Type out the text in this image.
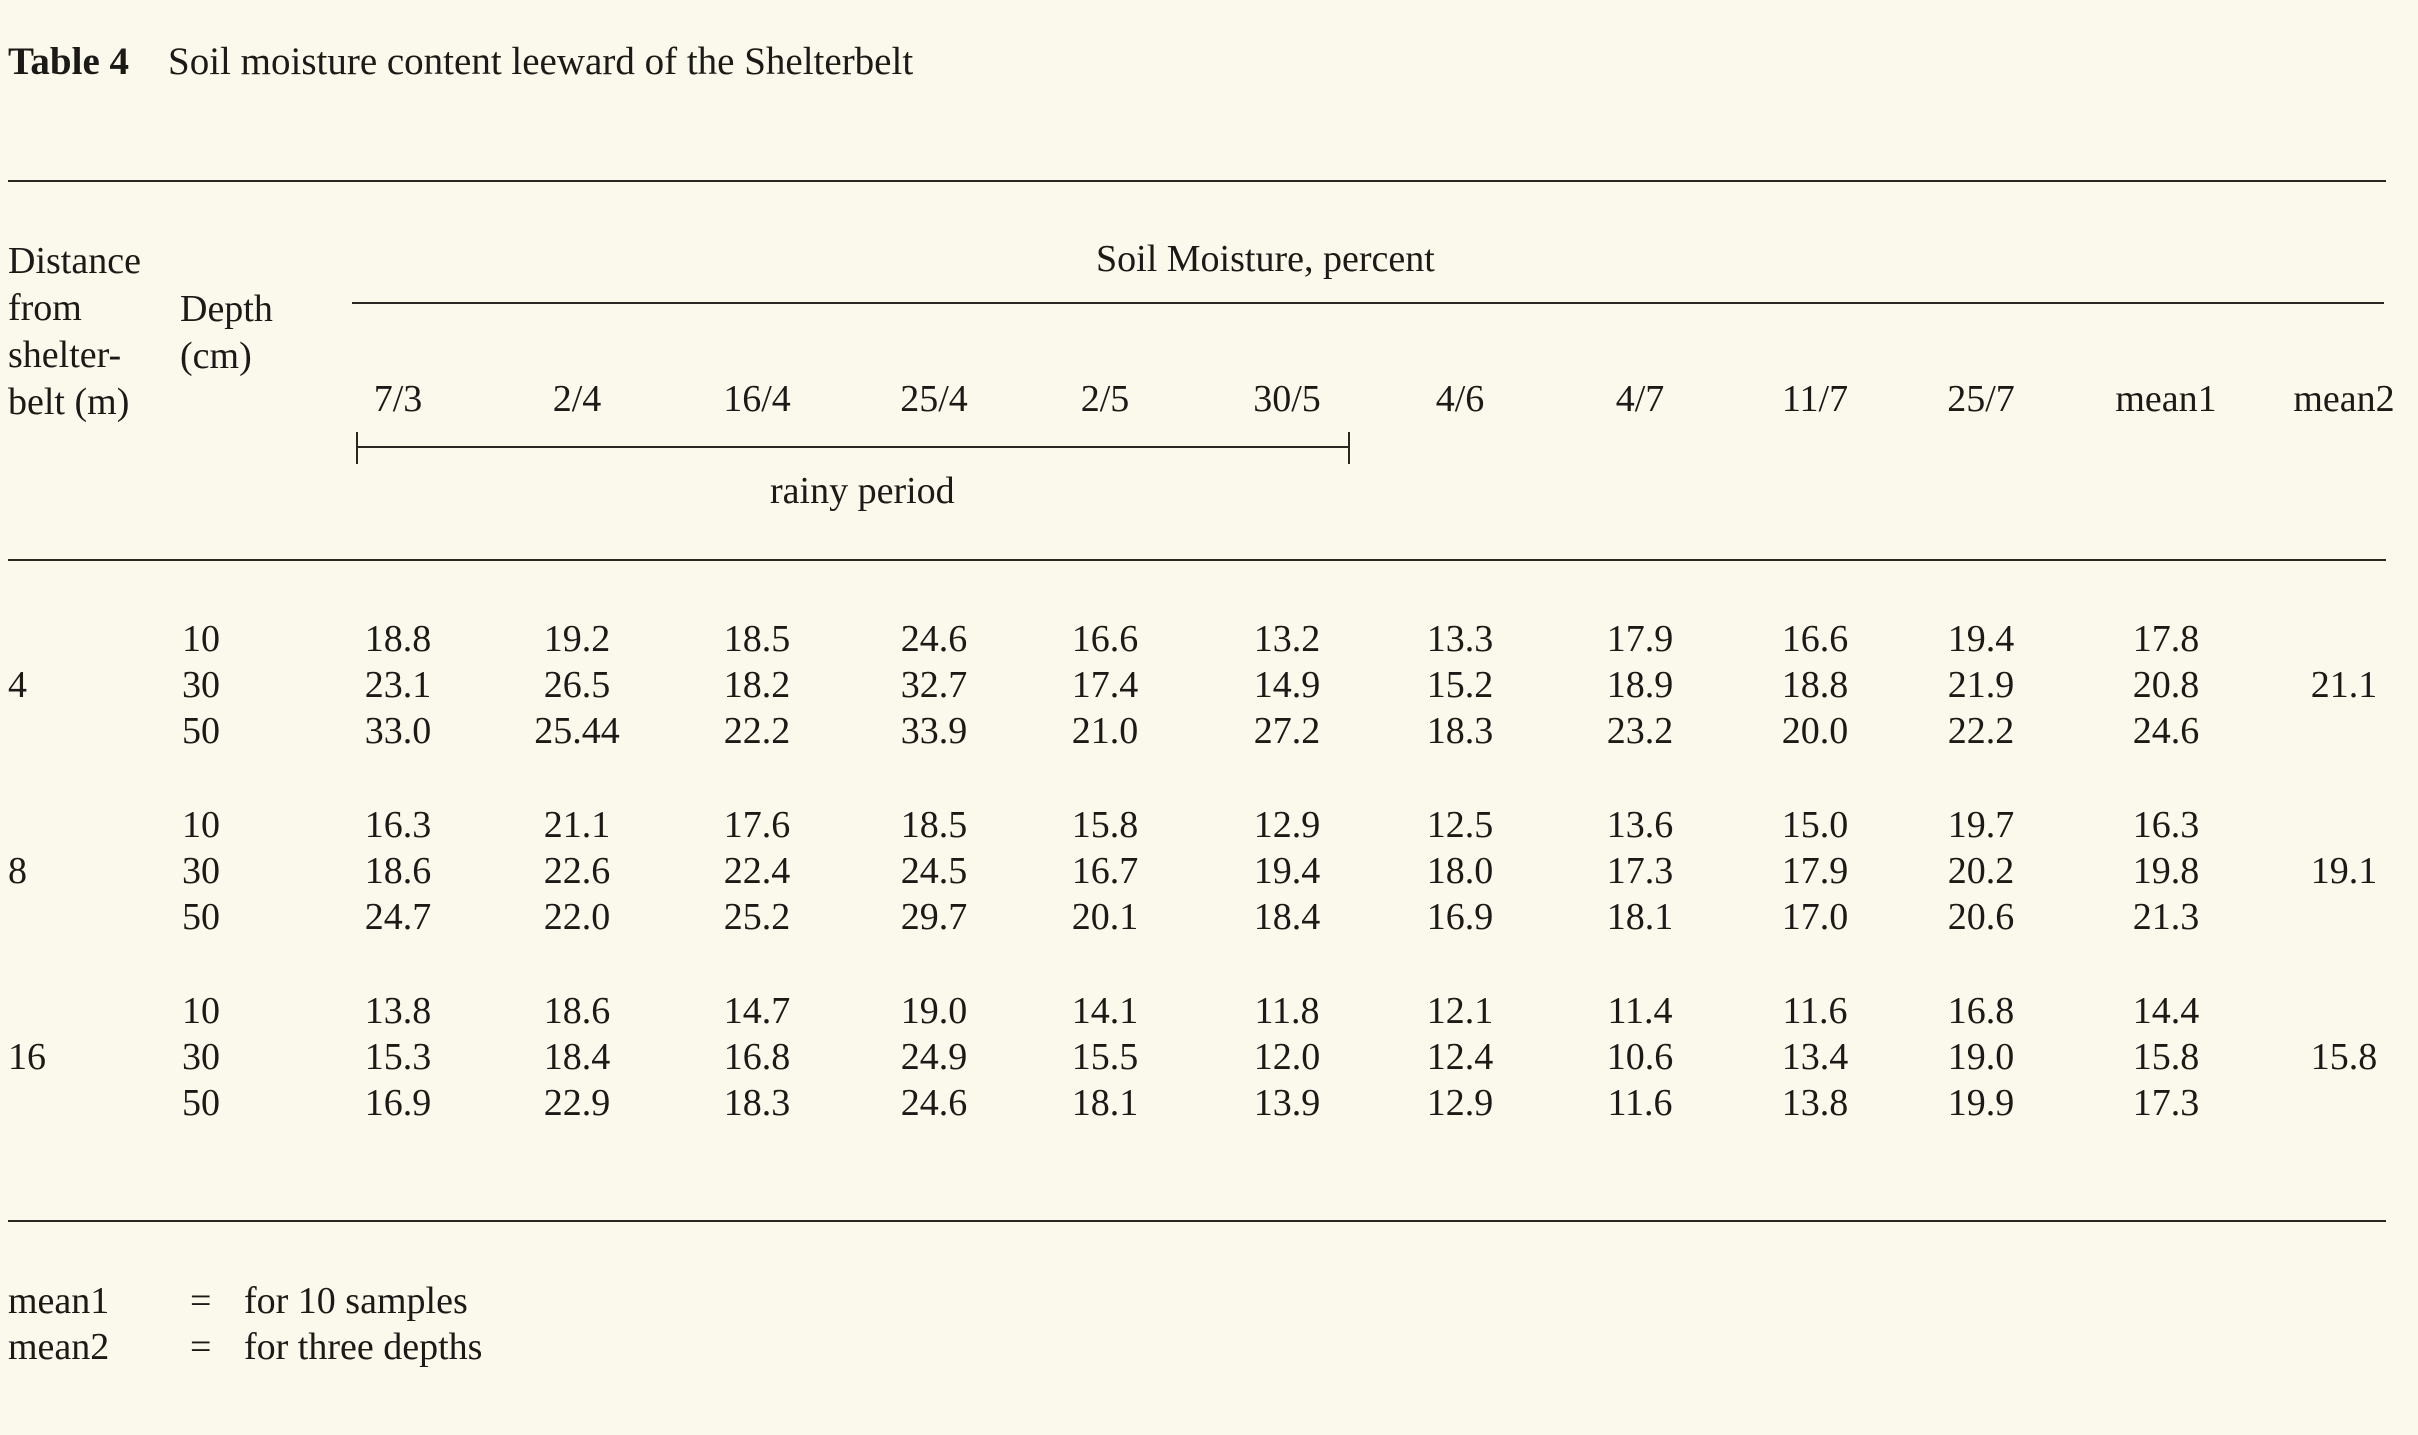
Table 4 Soil moisture content leeward of the Shelterbelt
Distance from shelter-belt (m)
Depth (cm)
Soil Moisture, percent
7/3	2/4	16/4	25/4	2/5	30/5	4/6	4/7	11/7	25/7	mean1 mean2
rainy period
4	21.1
10	18.8	19.2	18.5	24.6	16.6	13.2	13.3	17.9	16.6	19.4	17.8
30	23.1	26.5	18.2	32.7	17.4	14.9	15.2	18.9	18.8	21.9	20.8
50	33.0	25.44	22.2	33.9	21.0	27.2	18.3	23.2	20.0	22.2	24.6
8	19.1
10	16.3	21.1	17.6	18.5	15.8	12.9	12.5	13.6	15.0	19.7	16.3
30	18.6	22.6	22.4	24.5	16.7	19.4	18.0	17.3	17.9	20.2	19.8
50	24.7	22.0	25.2	29.7	20.1	18.4	16.9	18.1	17.0	20.6	21.3
16	15.8
10	13.8	18.6	14.7	19.0	14.1	11.8	12.1	11.4	11.6	16.8	14.4
30	15.3	18.4	16.8	24.9	15.5	12.0	12.4	10.6	13.4	19.0	15.8
50	16.9	22.9	18.3	24.6	18.1	13.9	12.9	11.6	13.8	19.9	17.3
mean1 = for 10 samples
mean2 = for three depths
